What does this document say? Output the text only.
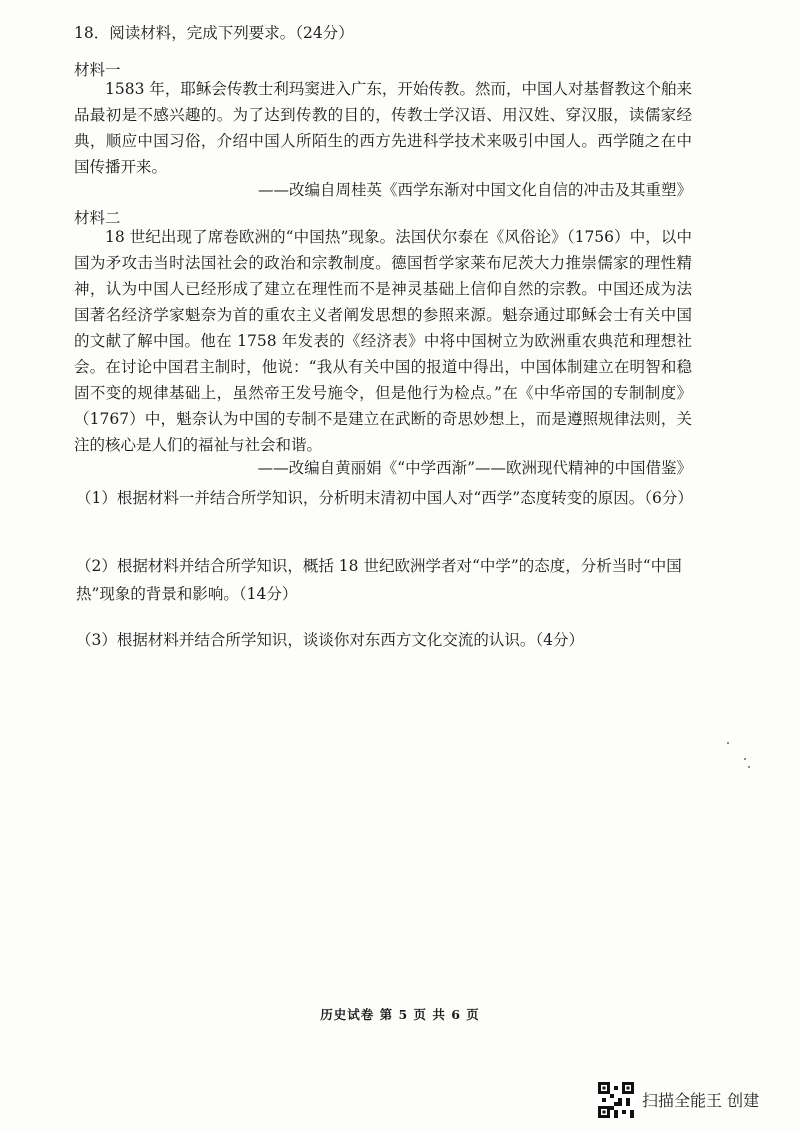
18．阅读材料，完成下列要求。（24分）
材料一
1583 年，耶稣会传教士利玛窦进入广东，开始传教。然而，中国人对基督教这个舶来品最初是不感兴趣的。为了达到传教的目的，传教士学汉语、用汉姓、穿汉服，读儒家经典，顺应中国习俗，介绍中国人所陌生的西方先进科学技术来吸引中国人。西学随之在中国传播开来。
——改编自周桂英《西学东渐对中国文化自信的冲击及其重塑》
材料二
18 世纪出现了席卷欧洲的“中国热”现象。法国伏尔泰在《风俗论》（1756）中，以中国为矛攻击当时法国社会的政治和宗教制度。德国哲学家莱布尼茨大力推崇儒家的理性精神，认为中国人已经形成了建立在理性而不是神灵基础上信仰自然的宗教。中国还成为法国著名经济学家魁奈为首的重农主义者阐发思想的参照来源。魁奈通过耶稣会士有关中国的文献了解中国。他在 1758 年发表的《经济表》中将中国树立为欧洲重农典范和理想社会。在讨论中国君主制时，他说：“我从有关中国的报道中得出，中国体制建立在明智和稳固不变的规律基础上，虽然帝王发号施令，但是他行为检点。”在《中华帝国的专制制度》（1767）中，魁奈认为中国的专制不是建立在武断的奇思妙想上，而是遵照规律法则，关注的核心是人们的福祉与社会和谐。
——改编自黄丽娟《“中学西渐”——欧洲现代精神的中国借鉴》
（1）根据材料一并结合所学知识，分析明末清初中国人对“西学”态度转变的原因。（6分）
（2）根据材料并结合所学知识，概括 18 世纪欧洲学者对“中学”的态度，分析当时“中国热”现象的背景和影响。（14分）
（3）根据材料并结合所学知识，谈谈你对东西方文化交流的认识。（4分）
历史试卷 第 5 页 共 6 页
扫描全能王 创建
